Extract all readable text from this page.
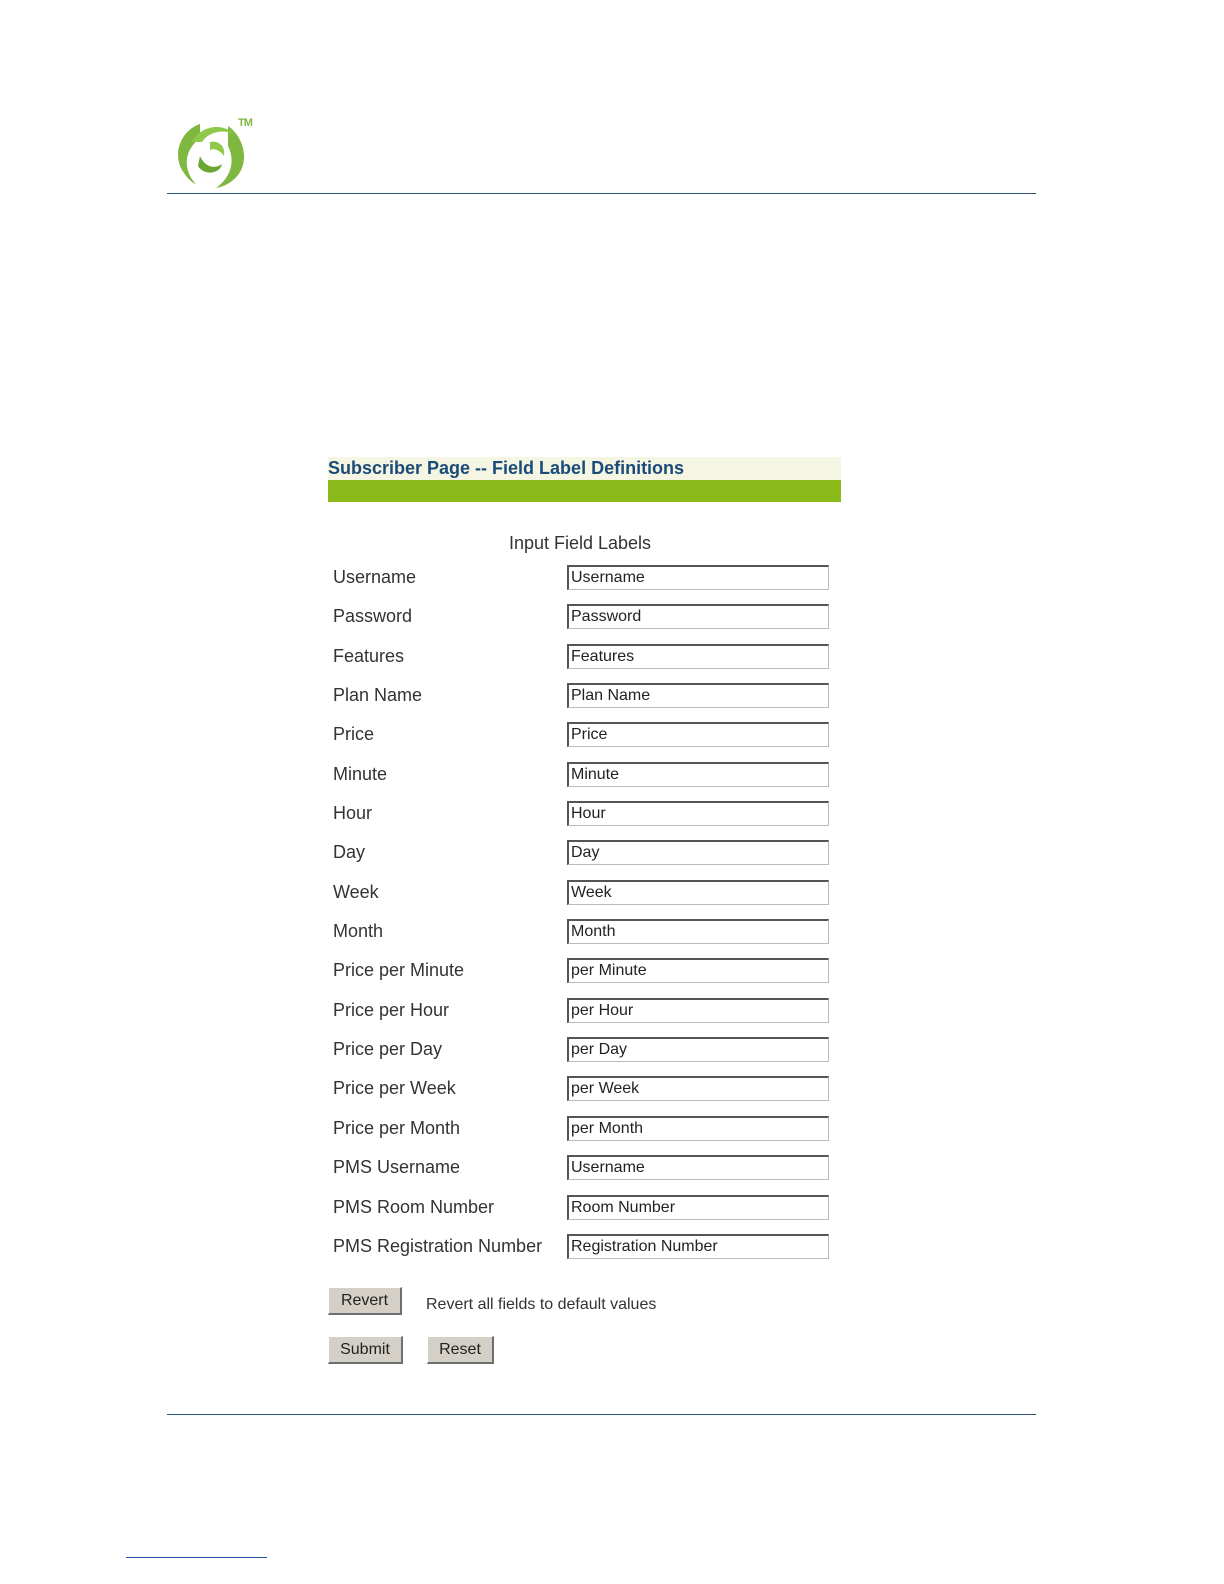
TM
Subscriber Page -- Field Label Definitions
Input Field Labels
Username
Username
Password
Password
Features
Features
Plan Name
Plan Name
Price
Price
Minute
Minute
Hour
Hour
Day
Day
Week
Week
Month
Month
Price per Minute
per Minute
Price per Hour
per Hour
Price per Day
per Day
Price per Week
per Week
Price per Month
per Month
PMS Username
Username
PMS Room Number
Room Number
PMS Registration Number
Registration Number
Revert	Revert all fields to default values
Submit	Reset
